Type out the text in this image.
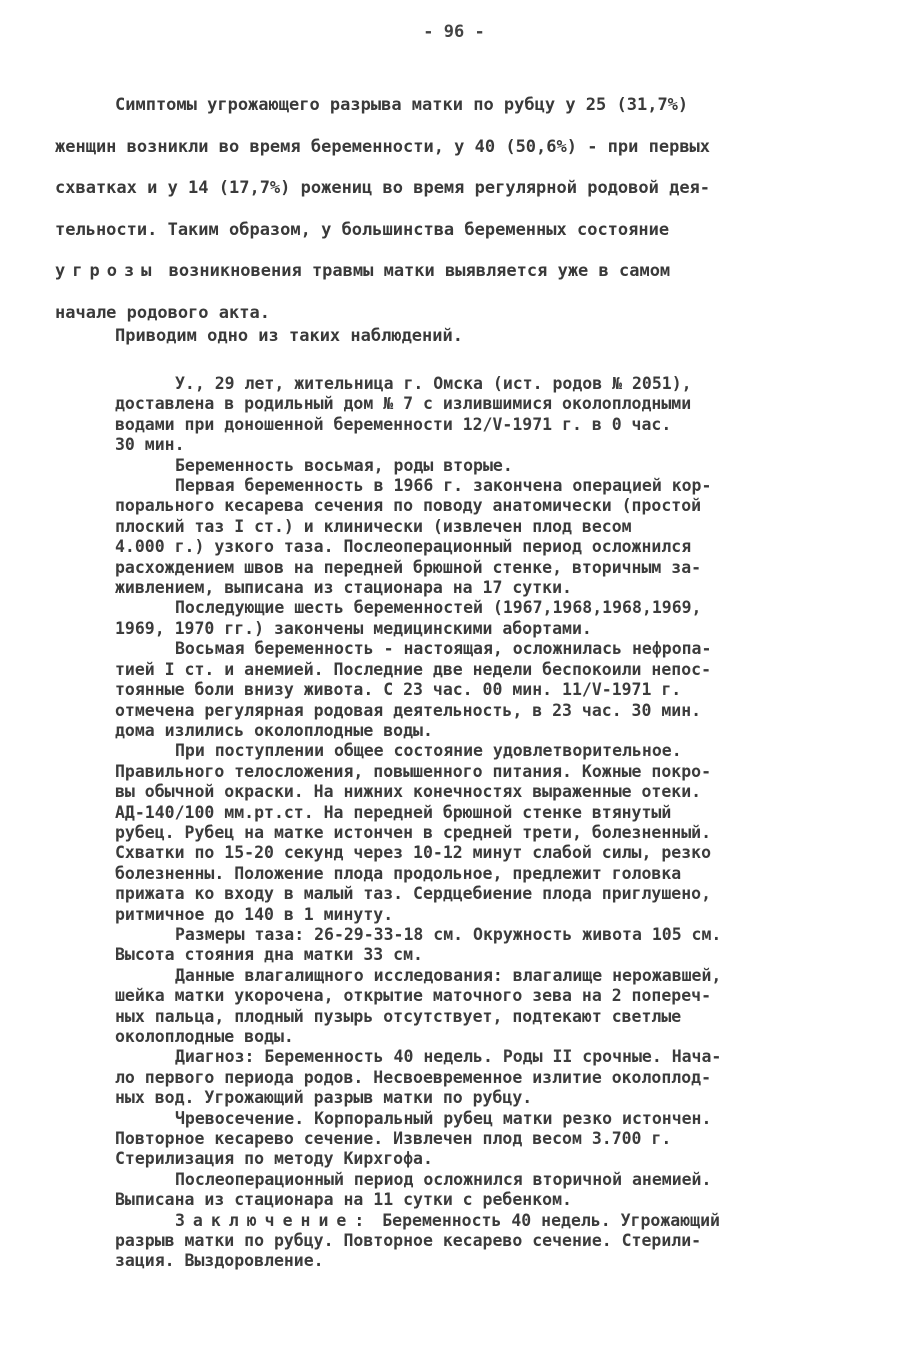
- 96 -

Симптомы угрожающего разрыва матки по рубцу у 25 (31,7%)

женщин возникли во время беременности, у 40 (50,6%) - при первых

схватках и у 14 (17,7%) рожениц во время регулярной родовой дея-

тельности. Таким образом, у большинства беременных состояние

угрозы возникновения травмы матки выявляется уже в самом

начале родового акта.

Приводим одно из таких наблюдений.

У., 29 лет, жительница г. Омска (ист. родов № 2051),

доставлена в родильный дом № 7 с излившимися околоплодными

водами при доношенной беременности 12/V-1971 г. в 0 час.

30 мин.

Беременность восьмая, роды вторые.

Первая беременность в 1966 г. закончена операцией кор-

порального кесарева сечения по поводу анатомически (простой

плоский таз I ст.) и клинически (извлечен плод весом

4.000 г.) узкого таза. Послеоперационный период осложнился

расхождением швов на передней брюшной стенке, вторичным за-

живлением, выписана из стационара на 17 сутки.

Последующие шесть беременностей (1967,1968,1968,1969,

1969, 1970 гг.) закончены медицинскими абортами.

Восьмая беременность - настоящая, осложнилась нефропа-

тией I ст. и анемией. Последние две недели беспокоили непос-

тоянные боли внизу живота. С 23 час. 00 мин. 11/V-1971 г.

отмечена регулярная родовая деятельность, в 23 час. 30 мин.

дома излились околоплодные воды.

При поступлении общее состояние удовлетворительное.

Правильного телосложения, повышенного питания. Кожные покро-

вы обычной окраски. На нижних конечностях выраженные отеки.

АД-140/100 мм.рт.ст. На передней брюшной стенке втянутый

рубец. Рубец на матке истончен в средней трети, болезненный.

Схватки по 15-20 секунд через 10-12 минут слабой силы, резко

болезненны. Положение плода продольное, предлежит головка

прижата ко входу в малый таз. Сердцебиение плода приглушено,

ритмичное до 140 в 1 минуту.

Размеры таза: 26-29-33-18 см. Окружность живота 105 см.

Высота стояния дна матки 33 см.

Данные влагалищного исследования: влагалище нерожавшей,

шейка матки укорочена, открытие маточного зева на 2 попереч-

ных пальца, плодный пузырь отсутствует, подтекают светлые

околоплодные воды.

Диагноз: Беременность 40 недель. Роды II срочные. Нача-

ло первого периода родов. Несвоевременное излитие околоплод-

ных вод. Угрожающий разрыв матки по рубцу.

Чревосечение. Корпоральный рубец матки резко истончен.

Повторное кесарево сечение. Извлечен плод весом 3.700 г.

Стерилизация по методу Кирхгофа.

Послеоперационный период осложнился вторичной анемией.

Выписана из стационара на 11 сутки с ребенком.

Заключение: Беременность 40 недель. Угрожающий

разрыв матки по рубцу. Повторное кесарево сечение. Стерили-

зация. Выздоровление.
